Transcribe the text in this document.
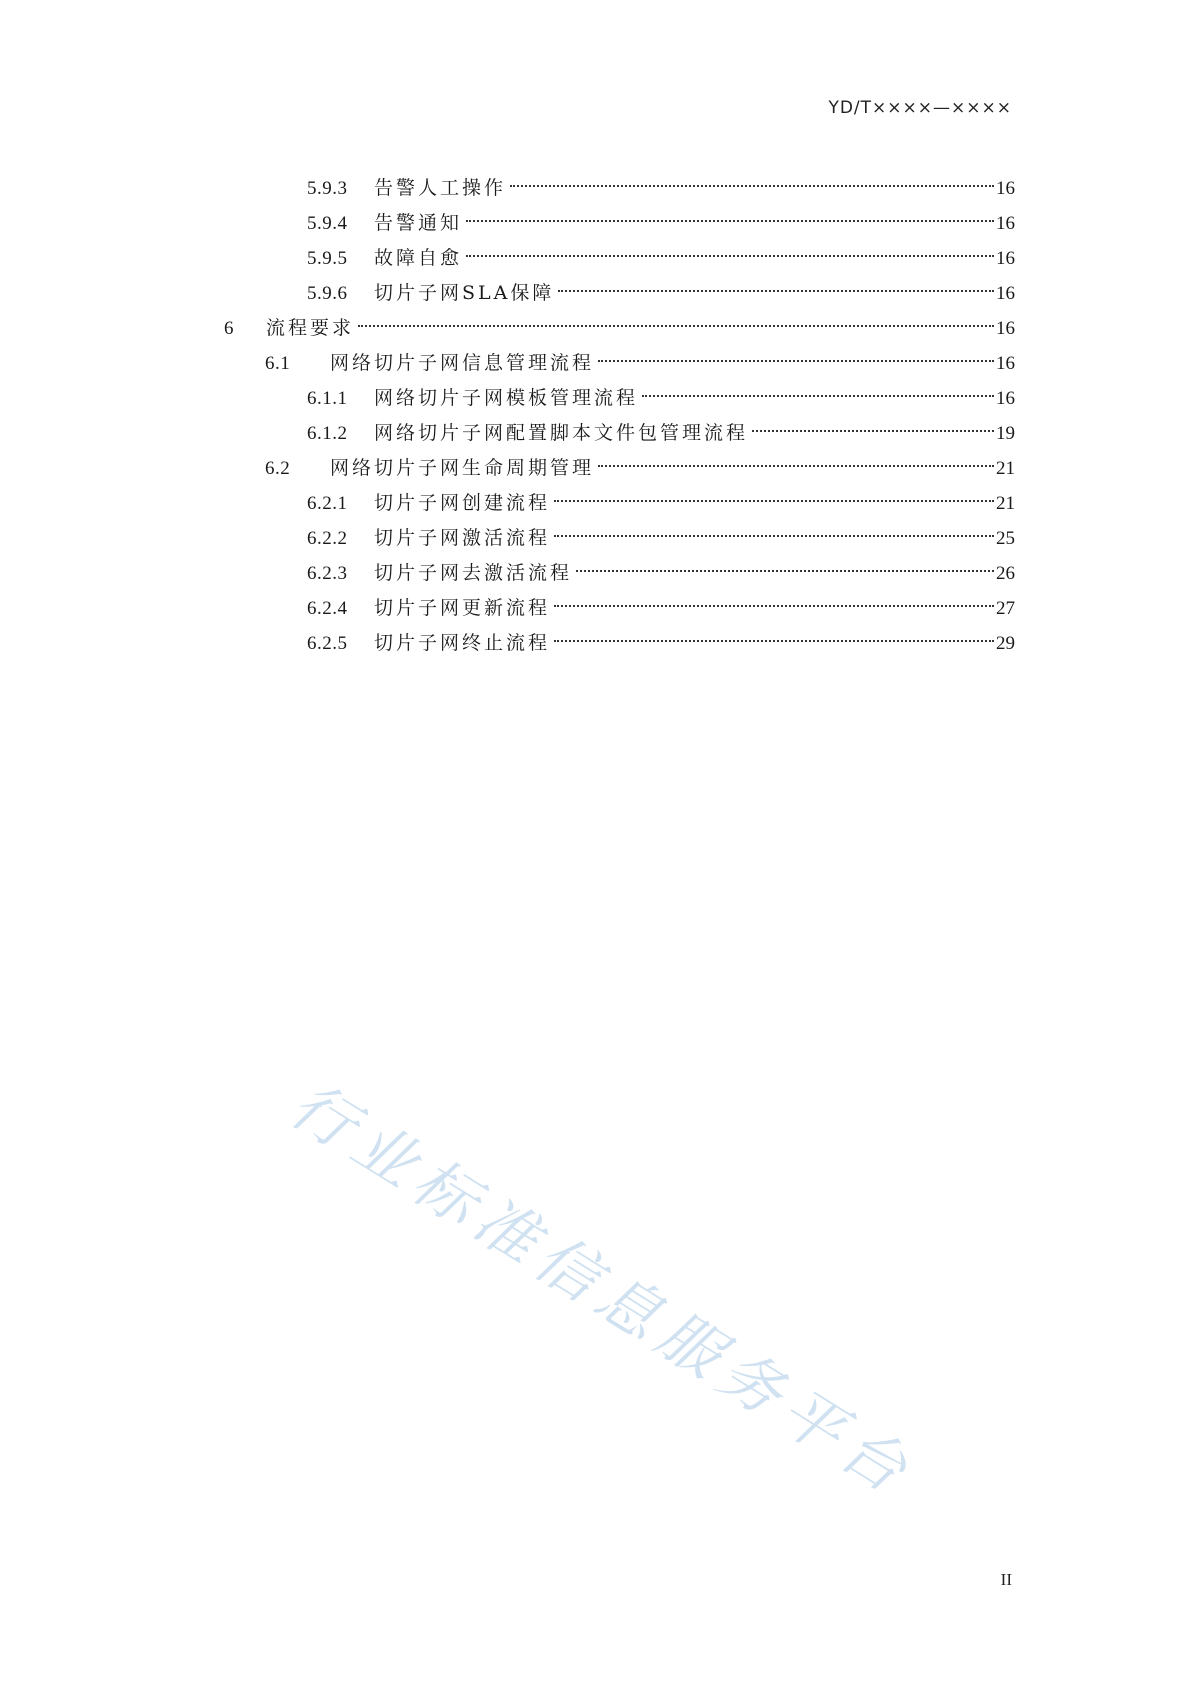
YD/T××××—××××
5.9.3	告警人工操作	16
5.9.4	告警通知	16
5.9.5	故障自愈	16
5.9.6	切片子网SLA保障	16
6	流程要求	16
6.1	网络切片子网信息管理流程	16
6.1.1	网络切片子网模板管理流程	16
6.1.2	网络切片子网配置脚本文件包管理流程	19
6.2	网络切片子网生命周期管理	21
6.2.1	切片子网创建流程	21
6.2.2	切片子网激活流程	25
6.2.3	切片子网去激活流程	26
6.2.4	切片子网更新流程	27
6.2.5	切片子网终止流程	29
行业标准信息服务平台
II
